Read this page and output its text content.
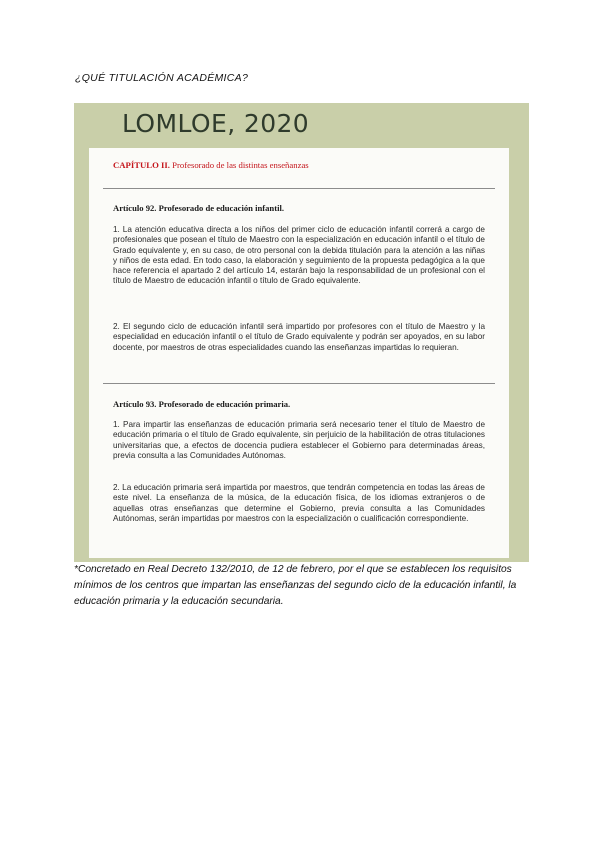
¿QUÉ TITULACIÓN ACADÉMICA?
LOMLOE, 2020
CAPÍTULO II. Profesorado de las distintas enseñanzas
Artículo 92. Profesorado de educación infantil.
1. La atención educativa directa a los niños del primer ciclo de educación infantil correrá a cargo de profesionales que posean el título de Maestro con la especialización en educación infantil o el título de Grado equivalente y, en su caso, de otro personal con la debida titulación para la atención a las niñas y niños de esta edad. En todo caso, la elaboración y seguimiento de la propuesta pedagógica a la que hace referencia el apartado 2 del artículo 14, estarán bajo la responsabilidad de un profesional con el título de Maestro de educación infantil o título de Grado equivalente.
2. El segundo ciclo de educación infantil será impartido por profesores con el título de Maestro y la especialidad en educación infantil o el título de Grado equivalente y podrán ser apoyados, en su labor docente, por maestros de otras especialidades cuando las enseñanzas impartidas lo requieran.
Artículo 93. Profesorado de educación primaria.
1. Para impartir las enseñanzas de educación primaria será necesario tener el título de Maestro de educación primaria o el título de Grado equivalente, sin perjuicio de la habilitación de otras titulaciones universitarias que, a efectos de docencia pudiera establecer el Gobierno para determinadas áreas, previa consulta a las Comunidades Autónomas.
2. La educación primaria será impartida por maestros, que tendrán competencia en todas las áreas de este nivel. La enseñanza de la música, de la educación física, de los idiomas extranjeros o de aquellas otras enseñanzas que determine el Gobierno, previa consulta a las Comunidades Autónomas, serán impartidas por maestros con la especialización o cualificación correspondiente.
*Concretado en Real Decreto 132/2010, de 12 de febrero, por el que se establecen los requisitos mínimos de los centros que impartan las enseñanzas del segundo ciclo de la educación infantil, la educación primaria y la educación secundaria.
